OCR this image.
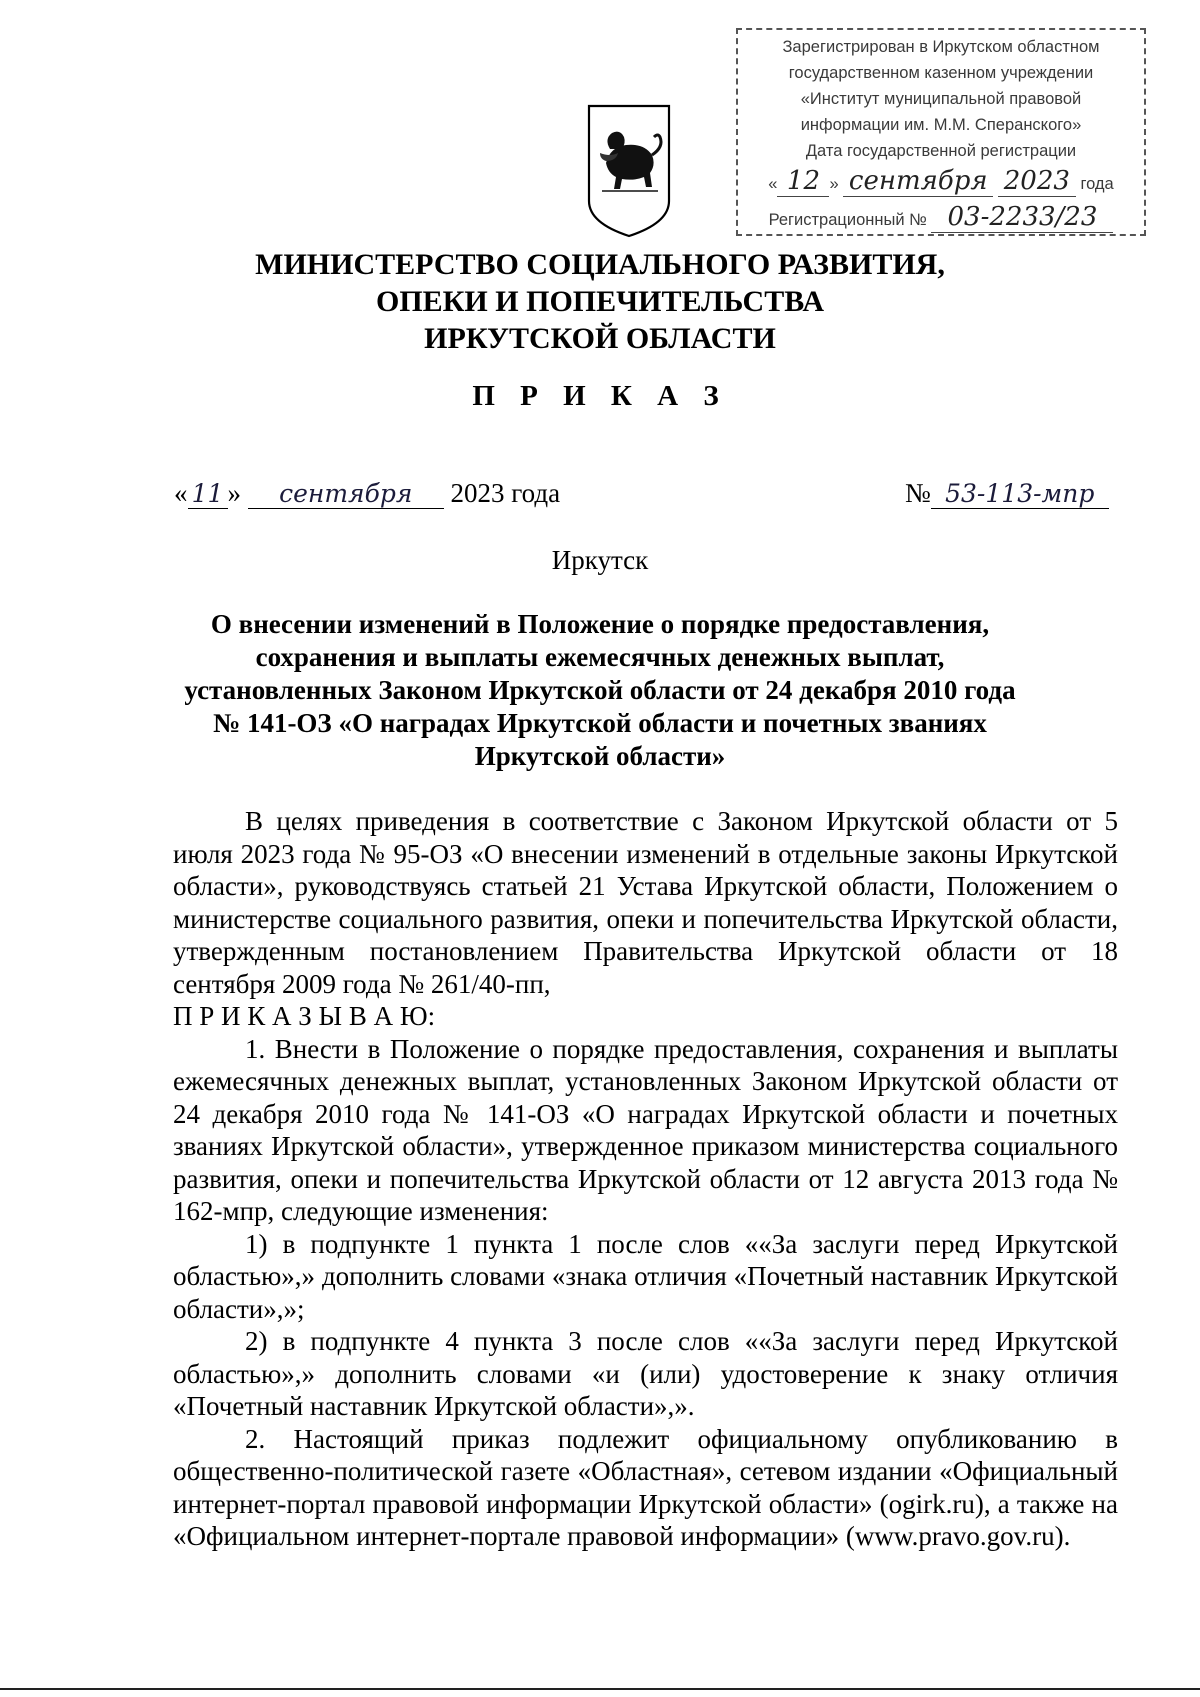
Зарегистрирован в Иркутском областном
государственном казенном учреждении
«Институт муниципальной правовой
информации им. М.М. Сперанского»
Дата государственной регистрации
« 12 » сентября 2023 года
Регистрационный № 03-2233/23
МИНИСТЕРСТВО СОЦИАЛЬНОГО РАЗВИТИЯ,
ОПЕКИ И ПОПЕЧИТЕЛЬСТВА
ИРКУТСКОЙ ОБЛАСТИ
П Р И К А З
« 11 » сентября 2023 года	№ 53-113-мпр
Иркутск
О внесении изменений в Положение о порядке предоставления,
сохранения и выплаты ежемесячных денежных выплат,
установленных Законом Иркутской области от 24 декабря 2010 года
№ 141-ОЗ «О наградах Иркутской области и почетных званиях
Иркутской области»

В целях приведения в соответствие с Законом Иркутской области от 5 июля 2023 года № 95-ОЗ «О внесении изменений в отдельные законы Иркутской области», руководствуясь статьей 21 Устава Иркутской области, Положением о министерстве социального развития, опеки и попечительства Иркутской области, утвержденным постановлением Правительства Иркутской области от 18 сентября 2009 года № 261/40-пп,

П Р И К А З Ы В А Ю:

1. Внести в Положение о порядке предоставления, сохранения и выплаты ежемесячных денежных выплат, установленных Законом Иркутской области от 24 декабря 2010 года № 141-ОЗ «О наградах Иркутской области и почетных званиях Иркутской области», утвержденное приказом министерства социального развития, опеки и попечительства Иркутской области от 12 августа 2013 года № 162-мпр, следующие изменения:

1) в подпункте 1 пункта 1 после слов ««За заслуги перед Иркутской областью»,» дополнить словами «знака отличия «Почетный наставник Иркутской области»,»;

2) в подпункте 4 пункта 3 после слов ««За заслуги перед Иркутской областью»,» дополнить словами «и (или) удостоверение к знаку отличия «Почетный наставник Иркутской области»,».

2. Настоящий приказ подлежит официальному опубликованию в общественно-политической газете «Областная», сетевом издании «Официальный интернет-портал правовой информации Иркутской области» (ogirk.ru), а также на «Официальном интернет-портале правовой информации» (www.pravo.gov.ru).
